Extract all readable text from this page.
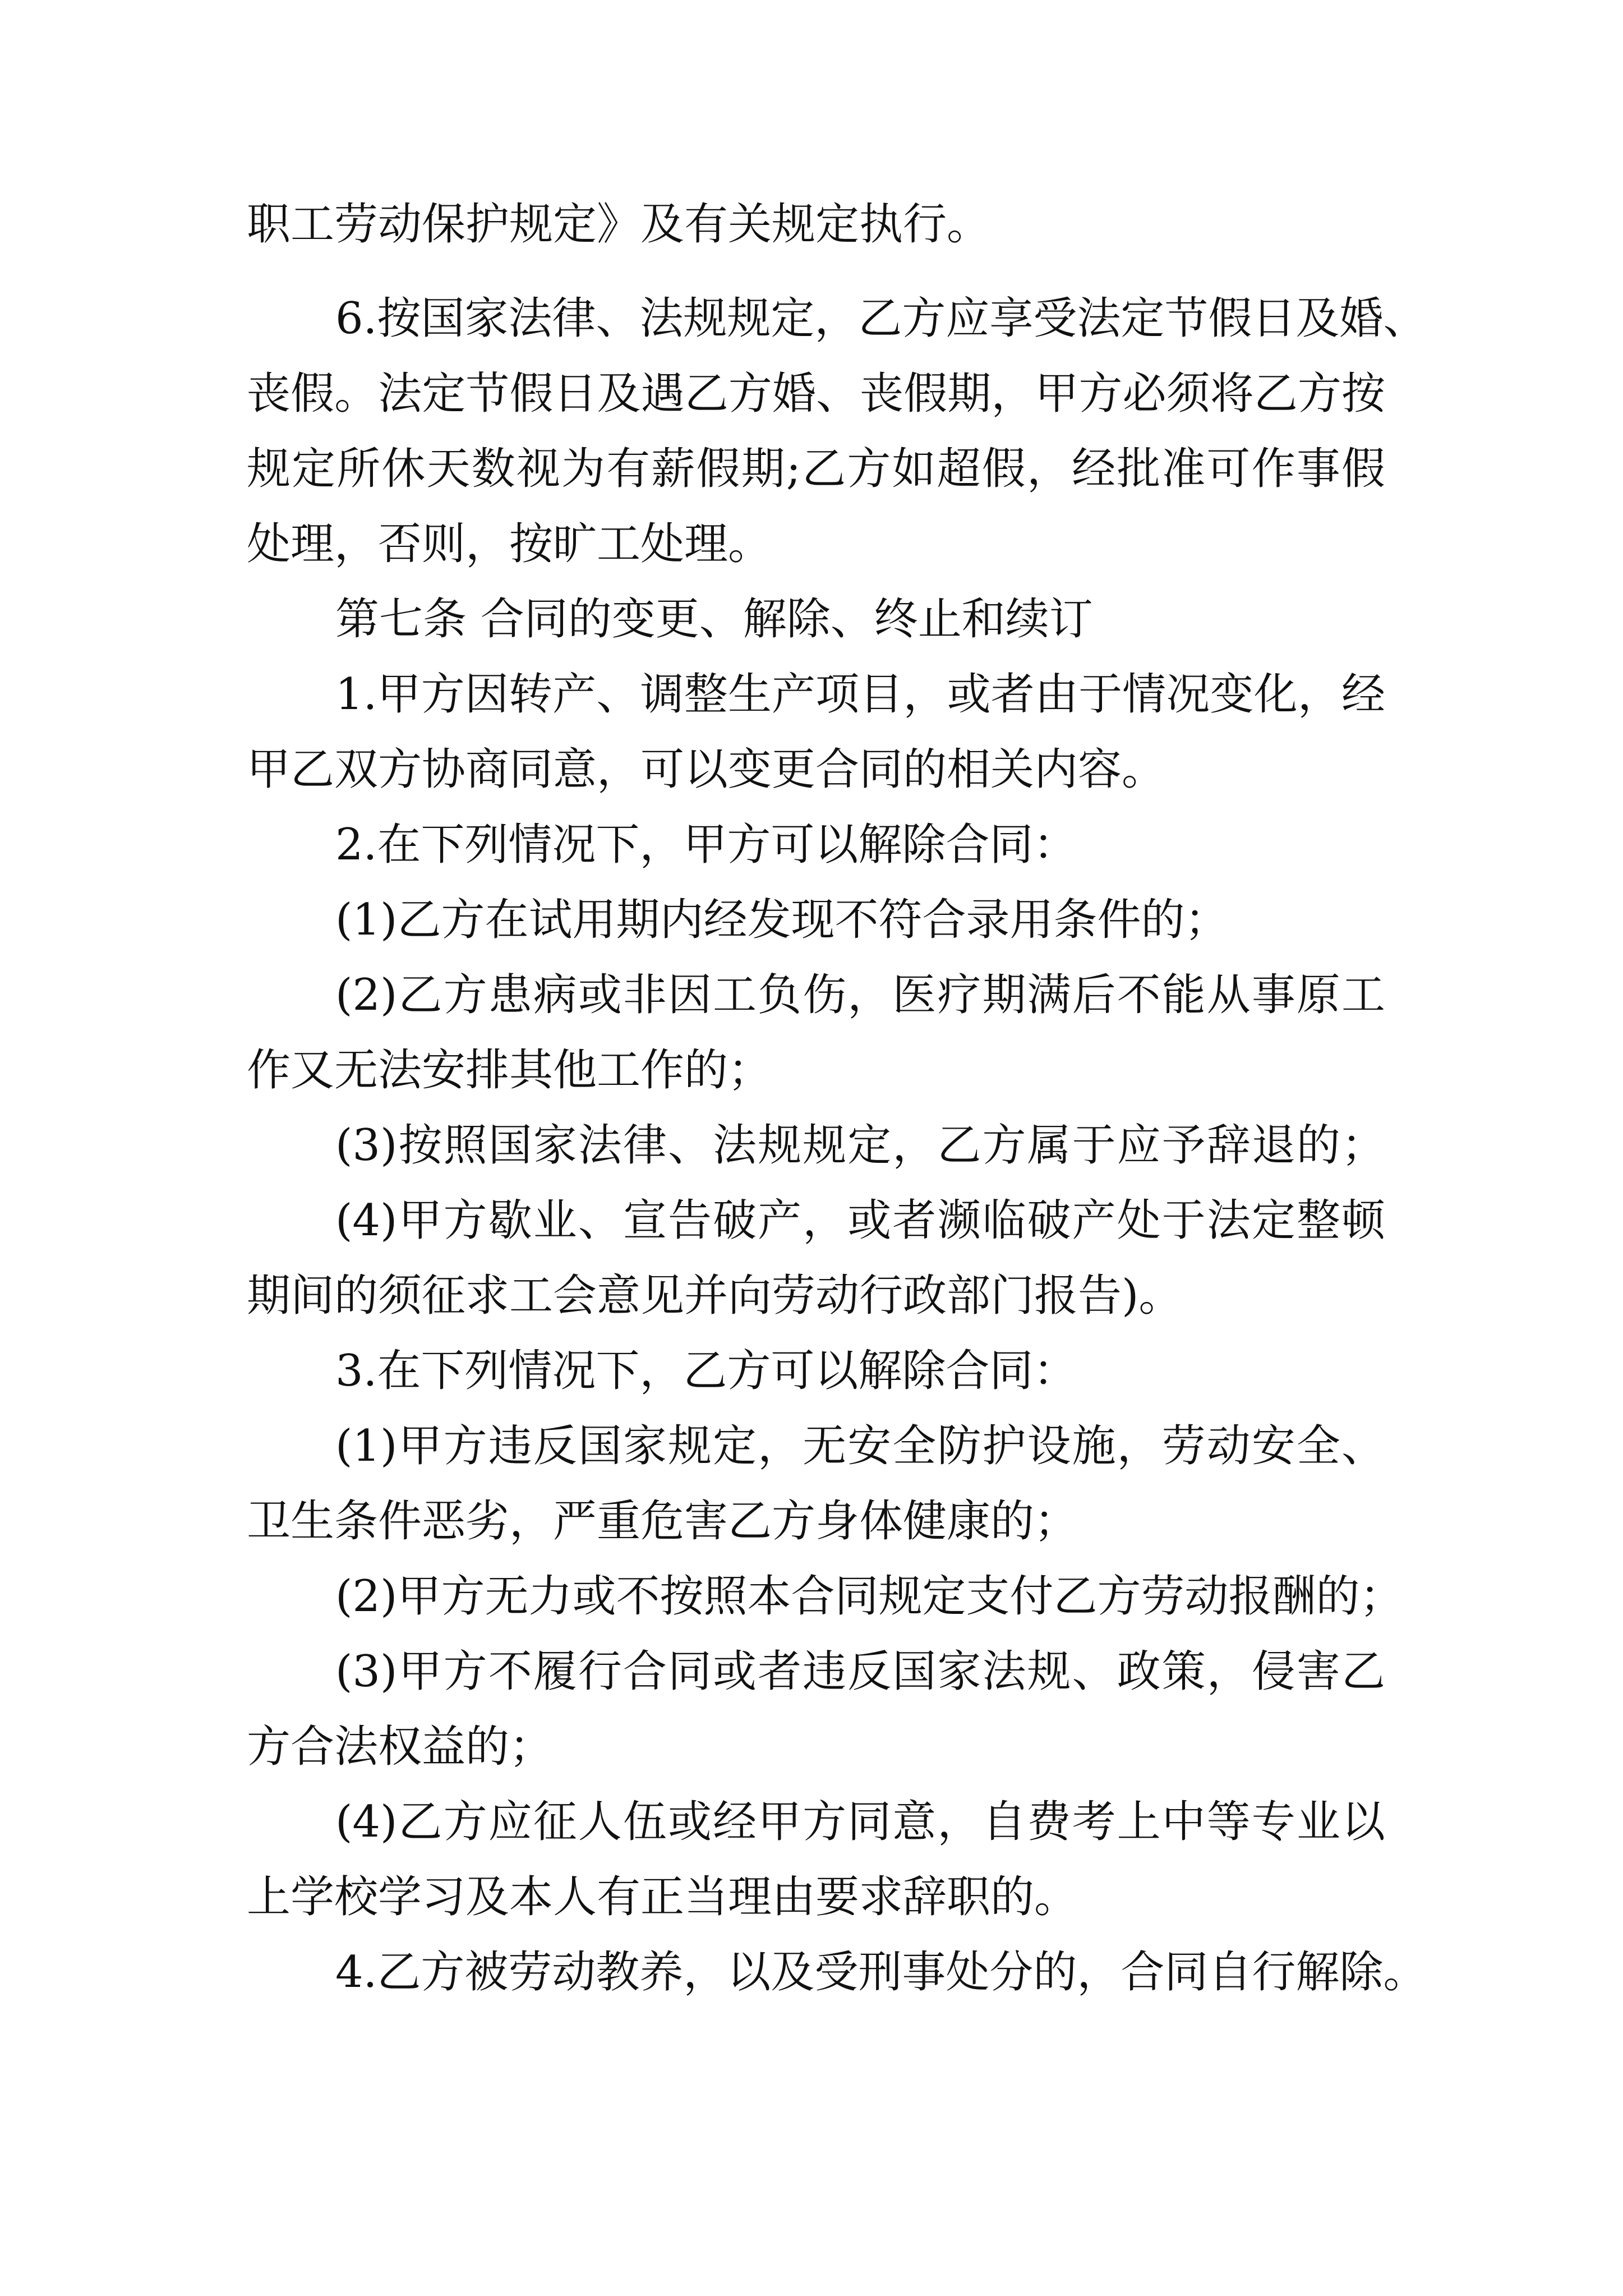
职工劳动保护规定》及有关规定执行。

6.按国家法律、法规规定，乙方应享受法定节假日及婚、

丧假。法定节假日及遇乙方婚、丧假期，甲方必须将乙方按

规定所休天数视为有薪假期;乙方如超假，经批准可作事假

处理，否则，按旷工处理。

第七条 合同的变更、解除、终止和续订

1.甲方因转产、调整生产项目，或者由于情况变化，经

甲乙双方协商同意，可以变更合同的相关内容。

2.在下列情况下，甲方可以解除合同：

(1)乙方在试用期内经发现不符合录用条件的；

(2)乙方患病或非因工负伤，医疗期满后不能从事原工

作又无法安排其他工作的；

(3)按照国家法律、法规规定，乙方属于应予辞退的；

(4)甲方歇业、宣告破产，或者濒临破产处于法定整顿

期间的须征求工会意见并向劳动行政部门报告)。

3.在下列情况下，乙方可以解除合同：

(1)甲方违反国家规定，无安全防护设施，劳动安全、

卫生条件恶劣，严重危害乙方身体健康的；

(2)甲方无力或不按照本合同规定支付乙方劳动报酬的；

(3)甲方不履行合同或者违反国家法规、政策，侵害乙

方合法权益的；

(4)乙方应征人伍或经甲方同意，自费考上中等专业以

上学校学习及本人有正当理由要求辞职的。

4.乙方被劳动教养，以及受刑事处分的，合同自行解除。
